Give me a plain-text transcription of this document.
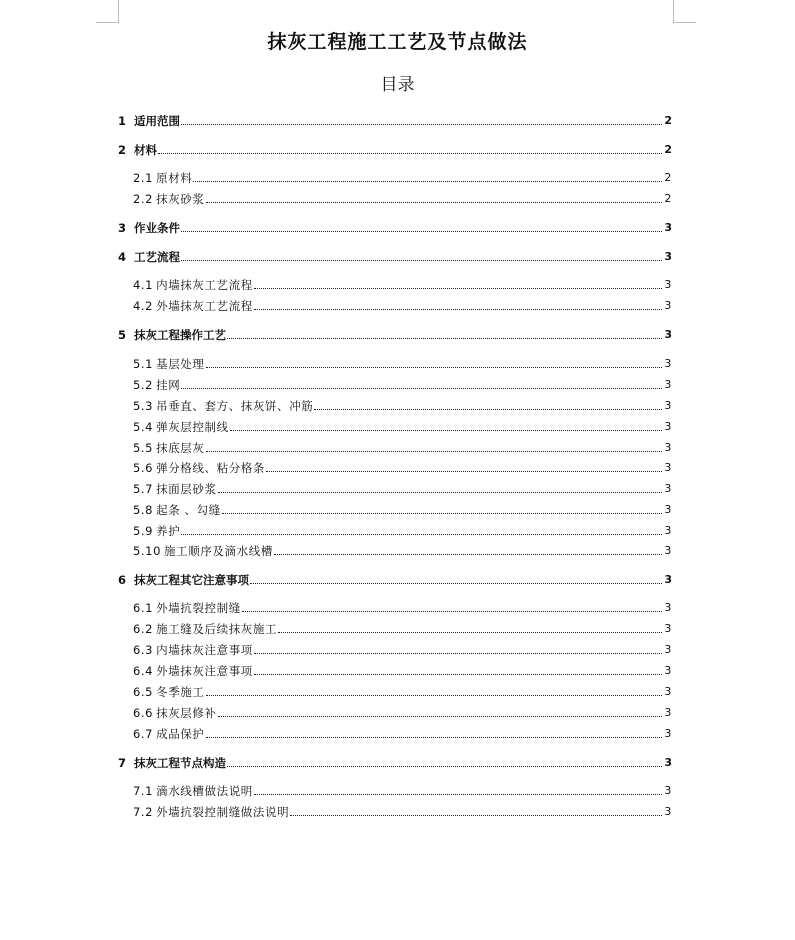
抹灰工程施工工艺及节点做法
目录
1 适用范围	2
2 材料	2
2.1 原材料	2
2.2 抹灰砂浆	2
3 作业条件	3
4 工艺流程	3
4.1 内墙抹灰工艺流程	3
4.2 外墙抹灰工艺流程	3
5 抹灰工程操作工艺	3
5.1 基层处理	3
5.2 挂网	3
5.3 吊垂直、套方、抹灰饼、冲筋	3
5.4 弹灰层控制线	3
5.5 抹底层灰	3
5.6 弹分格线、粘分格条	3
5.7 抹面层砂浆	3
5.8 起条 、勾缝	3
5.9 养护	3
5.10 施工顺序及滴水线槽	3
6 抹灰工程其它注意事项	3
6.1 外墙抗裂控制缝	3
6.2 施工缝及后续抹灰施工	3
6.3 内墙抹灰注意事项	3
6.4 外墙抹灰注意事项	3
6.5 冬季施工	3
6.6 抹灰层修补	3
6.7 成品保护	3
7 抹灰工程节点构造	3
7.1 滴水线槽做法说明	3
7.2 外墙抗裂控制缝做法说明	3
